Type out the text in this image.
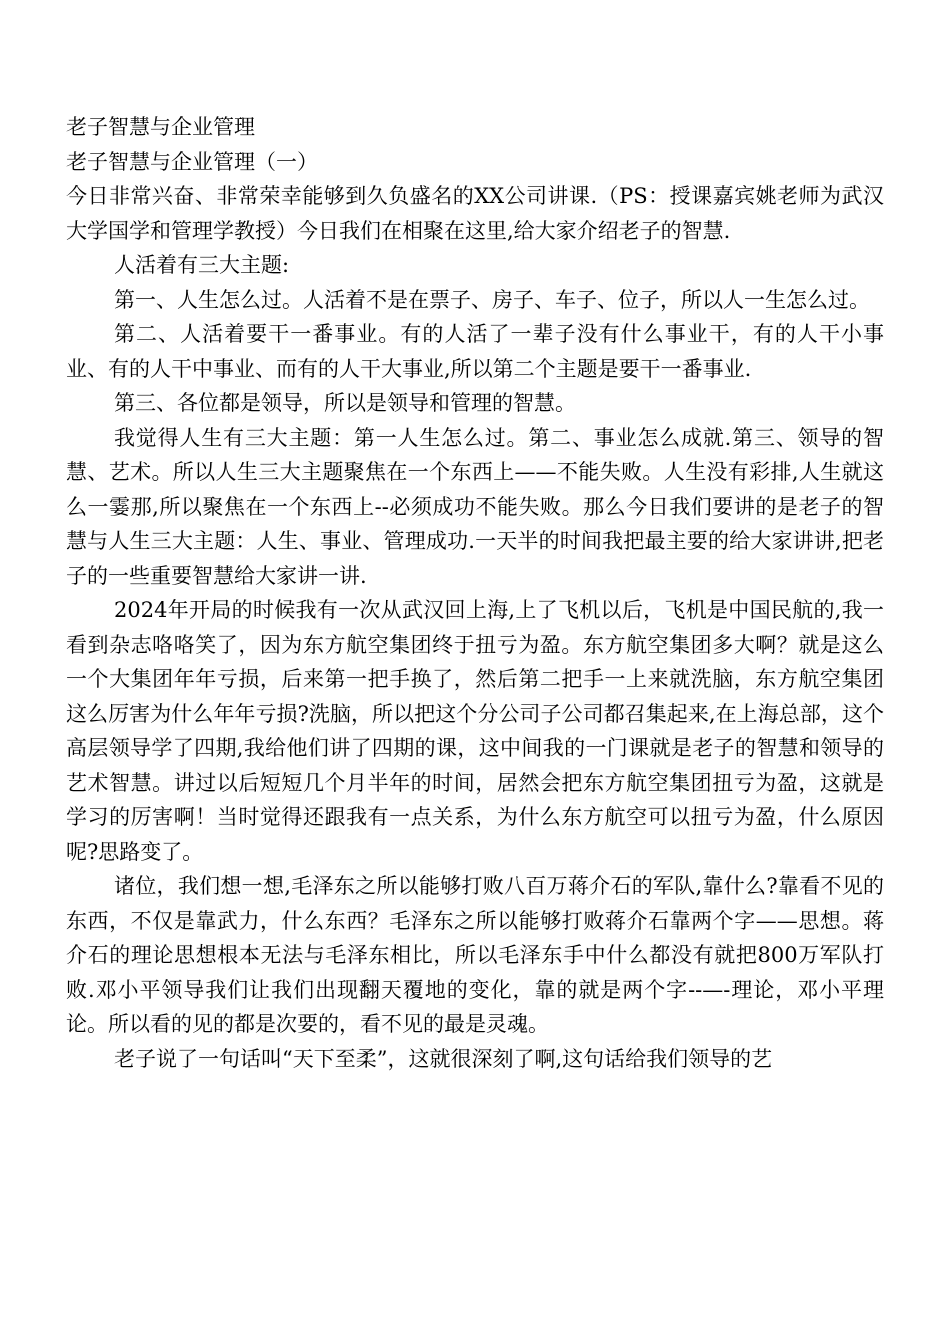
老子智慧与企业管理

老子智慧与企业管理（一）

今日非常兴奋、非常荣幸能够到久负盛名的XX公司讲课.（PS：授课嘉宾姚老师为武汉大学国学和管理学教授）今日我们在相聚在这里,给大家介绍老子的智慧.

人活着有三大主题:

第一、人生怎么过。人活着不是在票子、房子、车子、位子，所以人一生怎么过。

第二、人活着要干一番事业。有的人活了一辈子没有什么事业干，有的人干小事业、有的人干中事业、而有的人干大事业,所以第二个主题是要干一番事业.

第三、各位都是领导，所以是领导和管理的智慧。

我觉得人生有三大主题：第一人生怎么过。第二、事业怎么成就.第三、领导的智慧、艺术。所以人生三大主题聚焦在一个东西上——不能失败。人生没有彩排,人生就这么一霎那,所以聚焦在一个东西上--必须成功不能失败。那么今日我们要讲的是老子的智慧与人生三大主题：人生、事业、管理成功.一天半的时间我把最主要的给大家讲讲,把老子的一些重要智慧给大家讲一讲.

2024年开局的时候我有一次从武汉回上海,上了飞机以后，飞机是中国民航的,我一看到杂志咯咯笑了，因为东方航空集团终于扭亏为盈。东方航空集团多大啊？就是这么一个大集团年年亏损，后来第一把手换了，然后第二把手一上来就洗脑，东方航空集团这么厉害为什么年年亏损?洗脑，所以把这个分公司子公司都召集起来,在上海总部，这个高层领导学了四期,我给他们讲了四期的课，这中间我的一门课就是老子的智慧和领导的艺术智慧。讲过以后短短几个月半年的时间，居然会把东方航空集团扭亏为盈，这就是学习的厉害啊！当时觉得还跟我有一点关系，为什么东方航空可以扭亏为盈，什么原因呢?思路变了。

诸位，我们想一想,毛泽东之所以能够打败八百万蒋介石的军队,靠什么?靠看不见的东西，不仅是靠武力，什么东西？毛泽东之所以能够打败蒋介石靠两个字——思想。蒋介石的理论思想根本无法与毛泽东相比，所以毛泽东手中什么都没有就把800万军队打败.邓小平领导我们让我们出现翻天覆地的变化，靠的就是两个字--—-理论，邓小平理论。所以看的见的都是次要的，看不见的最是灵魂。

老子说了一句话叫“天下至柔”，这就很深刻了啊,这句话给我们领导的艺
